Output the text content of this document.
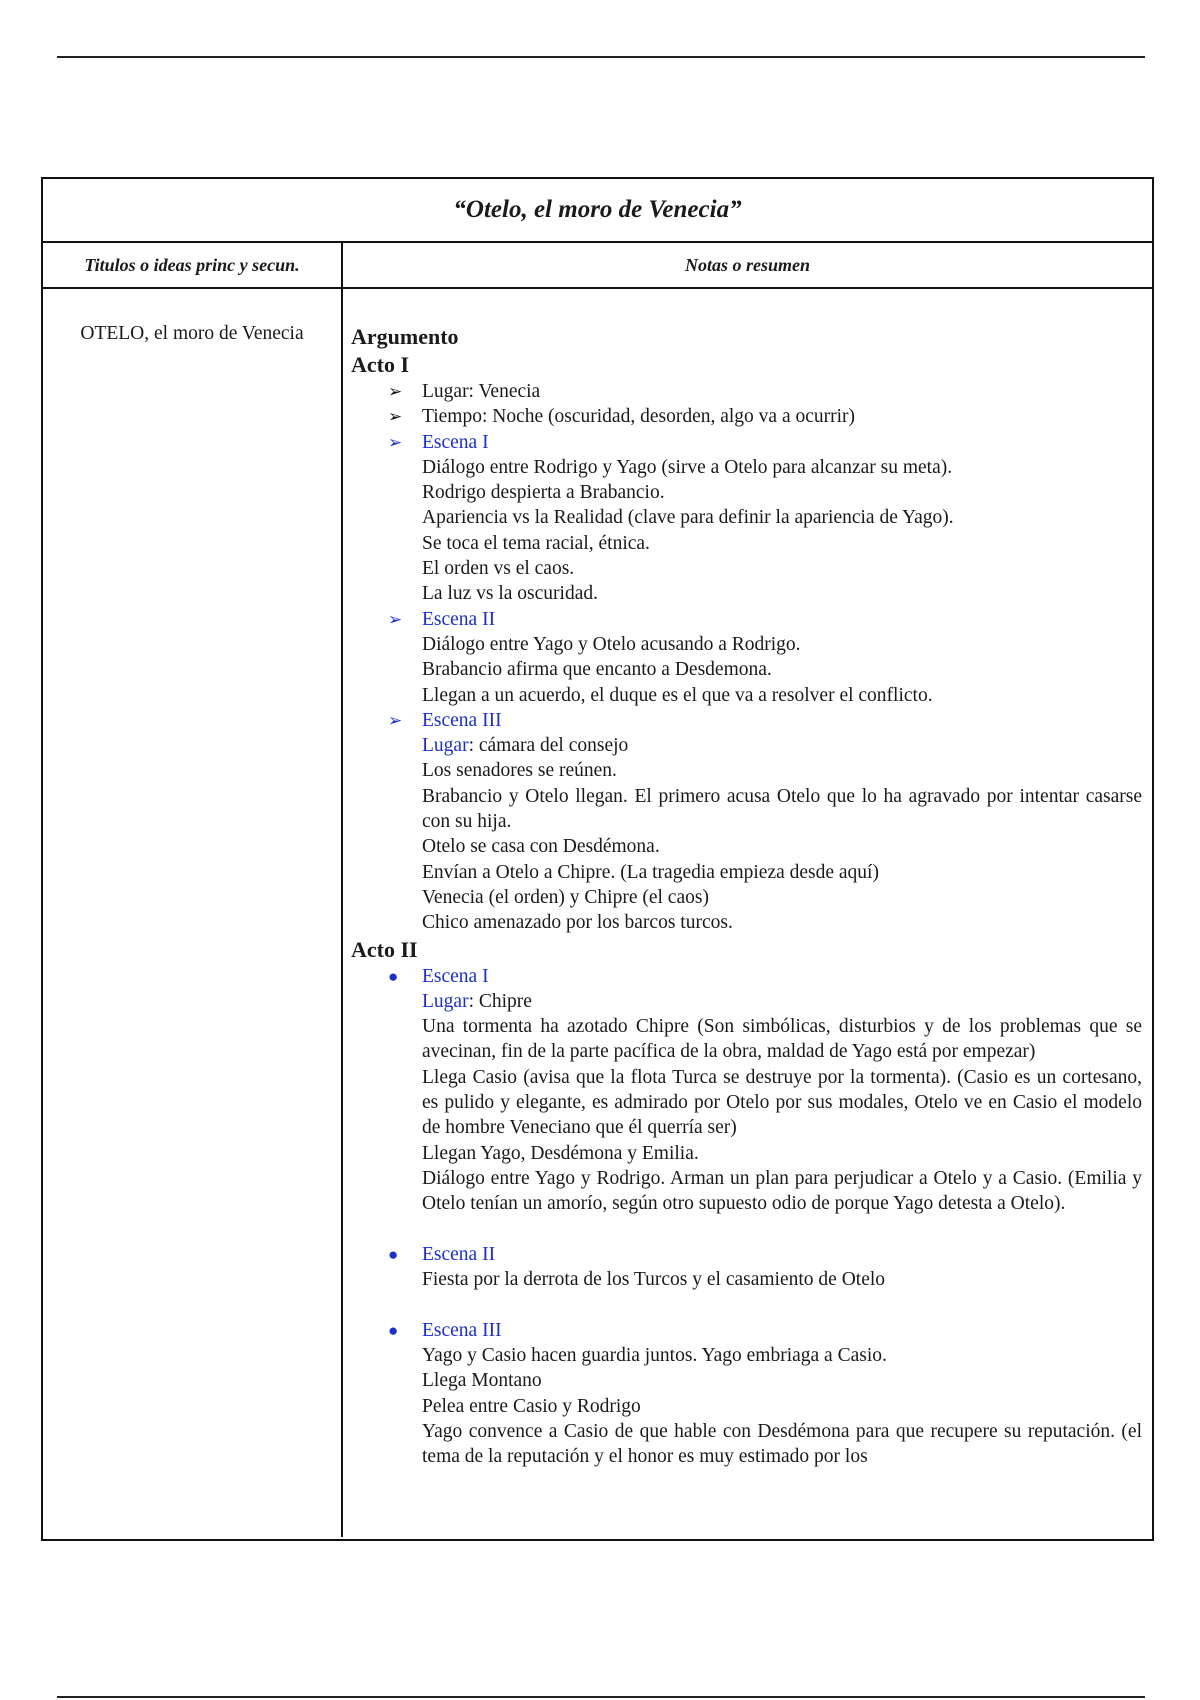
“Otelo, el moro de Venecia”
Titulos o ideas princ y secun.	Notas o resumen
OTELO, el moro de Venecia	Argumento
Acto I
➢	Lugar: Venecia
➢	Tiempo: Noche (oscuridad, desorden, algo va a ocurrir)
➢	Escena I
Diálogo entre Rodrigo y Yago (sirve a Otelo para alcanzar su meta).
Rodrigo despierta a Brabancio.
Apariencia vs la Realidad (clave para definir la apariencia de Yago).
Se toca el tema racial, étnica.
El orden vs el caos.
La luz vs la oscuridad.
➢	Escena II
Diálogo entre Yago y Otelo acusando a Rodrigo.
Brabancio afirma que encanto a Desdemona.
Llegan a un acuerdo, el duque es el que va a resolver el conflicto.
➢	Escena III
Lugar: cámara del consejo
Los senadores se reúnen.
Brabancio y Otelo llegan. El primero acusa Otelo que lo ha agravado por intentar casarse con su hija.
Otelo se casa con Desdémona.
Envían a Otelo a Chipre. (La tragedia empieza desde aquí)
Venecia (el orden) y Chipre (el caos)
Chico amenazado por los barcos turcos.
Acto II
●	Escena I
Lugar: Chipre
Una tormenta ha azotado Chipre (Son simbólicas, disturbios y de los problemas que se avecinan, fin de la parte pacífica de la obra, maldad de Yago está por empezar)
Llega Casio (avisa que la flota Turca se destruye por la tormenta). (Casio es un cortesano, es pulido y elegante, es admirado por Otelo por sus modales, Otelo ve en Casio el modelo de hombre Veneciano que él querría ser)
Llegan Yago, Desdémona y Emilia.
Diálogo entre Yago y Rodrigo. Arman un plan para perjudicar a Otelo y a Casio. (Emilia y Otelo tenían un amorío, según otro supuesto odio de porque Yago detesta a Otelo).
●	Escena II
Fiesta por la derrota de los Turcos y el casamiento de Otelo
●	Escena III
Yago y Casio hacen guardia juntos. Yago embriaga a Casio.
Llega Montano
Pelea entre Casio y Rodrigo
Yago convence a Casio de que hable con Desdémona para que recupere su reputación. (el tema de la reputación y el honor es muy estimado por los
